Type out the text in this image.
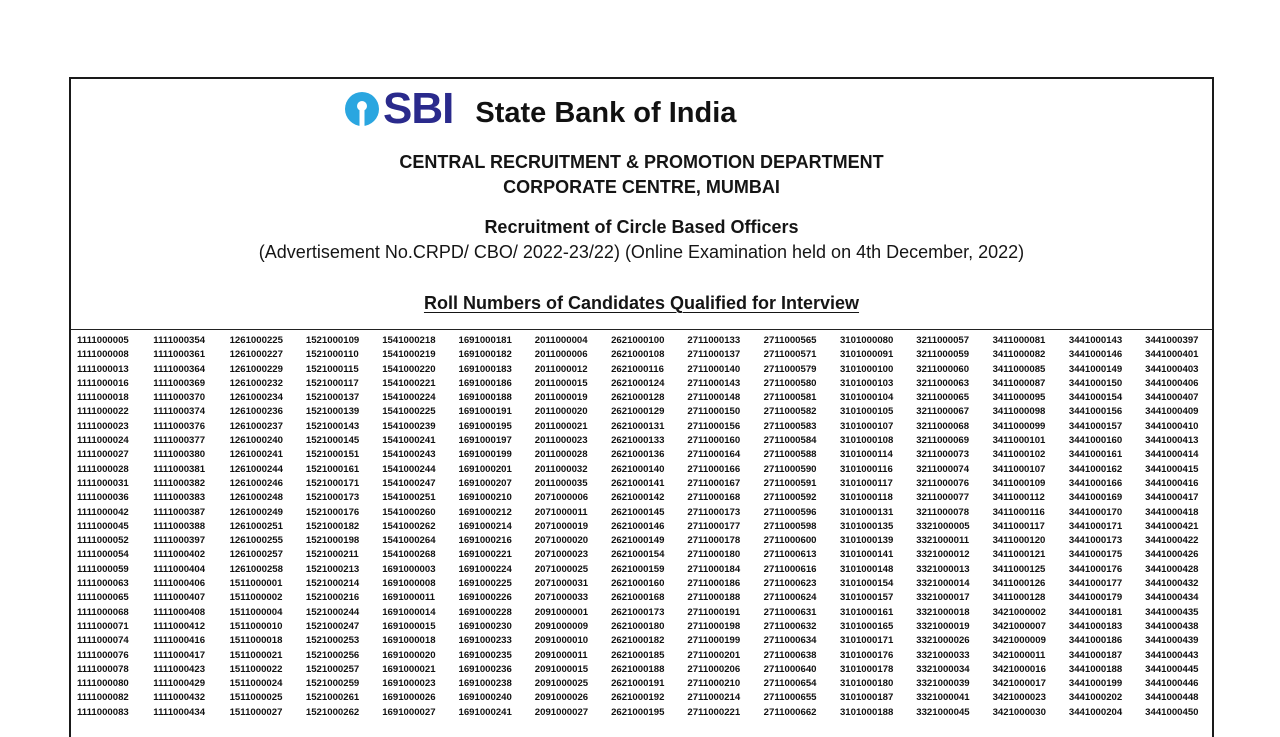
SBI State Bank of India
CENTRAL RECRUITMENT & PROMOTION DEPARTMENT
CORPORATE CENTRE, MUMBAI
Recruitment of Circle Based Officers
(Advertisement No.CRPD/ CBO/ 2022-23/22) (Online Examination held on 4th December, 2022)
Roll Numbers of Candidates Qualified for Interview
1111000005
1111000008
1111000013
1111000016
1111000018
1111000022
1111000023
1111000024
1111000027
1111000028
1111000031
1111000036
1111000042
1111000045
1111000052
1111000054
1111000059
1111000063
1111000065
1111000068
1111000071
1111000074
1111000076
1111000078
1111000080
1111000082
1111000083
1111000354
1111000361
1111000364
1111000369
1111000370
1111000374
1111000376
1111000377
1111000380
1111000381
1111000382
1111000383
1111000387
1111000388
1111000397
1111000402
1111000404
1111000406
1111000407
1111000408
1111000412
1111000416
1111000417
1111000423
1111000429
1111000432
1111000434
1261000225
1261000227
1261000229
1261000232
1261000234
1261000236
1261000237
1261000240
1261000241
1261000244
1261000246
1261000248
1261000249
1261000251
1261000255
1261000257
1261000258
1511000001
1511000002
1511000004
1511000010
1511000018
1511000021
1511000022
1511000024
1511000025
1511000027
1521000109
1521000110
1521000115
1521000117
1521000137
1521000139
1521000143
1521000145
1521000151
1521000161
1521000171
1521000173
1521000176
1521000182
1521000198
1521000211
1521000213
1521000214
1521000216
1521000244
1521000247
1521000253
1521000256
1521000257
1521000259
1521000261
1521000262
1541000218
1541000219
1541000220
1541000221
1541000224
1541000225
1541000239
1541000241
1541000243
1541000244
1541000247
1541000251
1541000260
1541000262
1541000264
1541000268
1691000003
1691000008
1691000011
1691000014
1691000015
1691000018
1691000020
1691000021
1691000023
1691000026
1691000027
1691000181
1691000182
1691000183
1691000186
1691000188
1691000191
1691000195
1691000197
1691000199
1691000201
1691000207
1691000210
1691000212
1691000214
1691000216
1691000221
1691000224
1691000225
1691000226
1691000228
1691000230
1691000233
1691000235
1691000236
1691000238
1691000240
1691000241
2011000004
2011000006
2011000012
2011000015
2011000019
2011000020
2011000021
2011000023
2011000028
2011000032
2011000035
2071000006
2071000011
2071000019
2071000020
2071000023
2071000025
2071000031
2071000033
2091000001
2091000009
2091000010
2091000011
2091000015
2091000025
2091000026
2091000027
2621000100
2621000108
2621000116
2621000124
2621000128
2621000129
2621000131
2621000133
2621000136
2621000140
2621000141
2621000142
2621000145
2621000146
2621000149
2621000154
2621000159
2621000160
2621000168
2621000173
2621000180
2621000182
2621000185
2621000188
2621000191
2621000192
2621000195
2711000133
2711000137
2711000140
2711000143
2711000148
2711000150
2711000156
2711000160
2711000164
2711000166
2711000167
2711000168
2711000173
2711000177
2711000178
2711000180
2711000184
2711000186
2711000188
2711000191
2711000198
2711000199
2711000201
2711000206
2711000210
2711000214
2711000221
2711000565
2711000571
2711000579
2711000580
2711000581
2711000582
2711000583
2711000584
2711000588
2711000590
2711000591
2711000592
2711000596
2711000598
2711000600
2711000613
2711000616
2711000623
2711000624
2711000631
2711000632
2711000634
2711000638
2711000640
2711000654
2711000655
2711000662
3101000080
3101000091
3101000100
3101000103
3101000104
3101000105
3101000107
3101000108
3101000114
3101000116
3101000117
3101000118
3101000131
3101000135
3101000139
3101000141
3101000148
3101000154
3101000157
3101000161
3101000165
3101000171
3101000176
3101000178
3101000180
3101000187
3101000188
3211000057
3211000059
3211000060
3211000063
3211000065
3211000067
3211000068
3211000069
3211000073
3211000074
3211000076
3211000077
3211000078
3321000005
3321000011
3321000012
3321000013
3321000014
3321000017
3321000018
3321000019
3321000026
3321000033
3321000034
3321000039
3321000041
3321000045
3411000081
3411000082
3411000085
3411000087
3411000095
3411000098
3411000099
3411000101
3411000102
3411000107
3411000109
3411000112
3411000116
3411000117
3411000120
3411000121
3411000125
3411000126
3411000128
3421000002
3421000007
3421000009
3421000011
3421000016
3421000017
3421000023
3421000030
3441000143
3441000146
3441000149
3441000150
3441000154
3441000156
3441000157
3441000160
3441000161
3441000162
3441000166
3441000169
3441000170
3441000171
3441000173
3441000175
3441000176
3441000177
3441000179
3441000181
3441000183
3441000186
3441000187
3441000188
3441000199
3441000202
3441000204
3441000397
3441000401
3441000403
3441000406
3441000407
3441000409
3441000410
3441000413
3441000414
3441000415
3441000416
3441000417
3441000418
3441000421
3441000422
3441000426
3441000428
3441000432
3441000434
3441000435
3441000438
3441000439
3441000443
3441000445
3441000446
3441000448
3441000450
